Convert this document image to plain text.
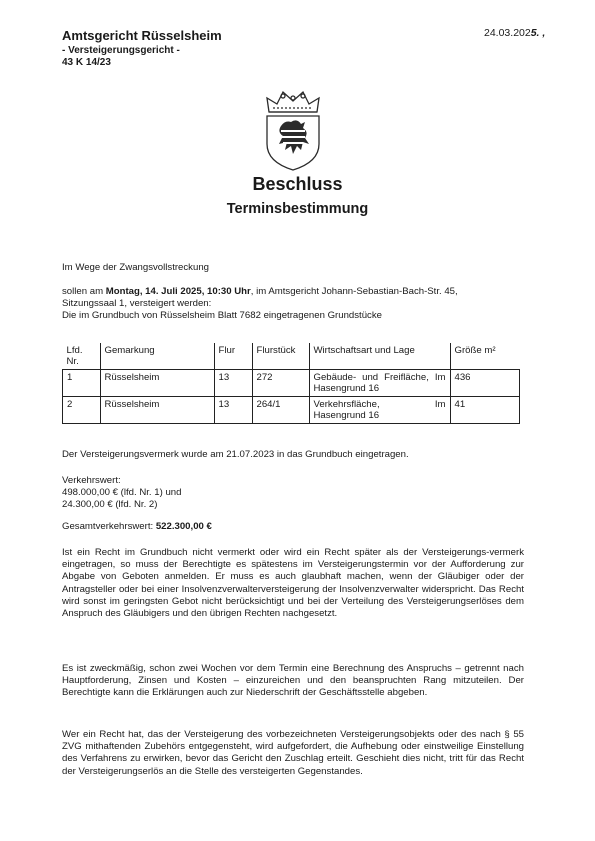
Amtsgericht Rüsselsheim
- Versteigerungsgericht -
43 K 14/23
24.03.2025. ,
Beschluss
Terminsbestimmung
Im Wege der Zwangsvollstreckung
sollen am Montag, 14. Juli 2025, 10:30 Uhr, im Amtsgericht Johann-Sebastian-Bach-Str. 45,
Sitzungssaal 1, versteigert werden:
Die im Grundbuch von Rüsselsheim Blatt 7682 eingetragenen Grundstücke
Lfd. Nr.	Gemarkung	Flur	Flurstück	Wirtschaftsart und Lage	Größe m²
1	Rüsselsheim	13	272	Gebäude- und Freifläche, Im Hasengrund 16	436
2	Rüsselsheim	13	264/1	Verkehrsfläche, Im Hasengrund 16	41
Der Versteigerungsvermerk wurde am 21.07.2023 in das Grundbuch eingetragen.
Verkehrswert:
498.000,00 € (lfd. Nr. 1) und
24.300,00 € (lfd. Nr. 2)
Gesamtverkehrswert: 522.300,00 €
Ist ein Recht im Grundbuch nicht vermerkt oder wird ein Recht später als der Versteigerungs-vermerk eingetragen, so muss der Berechtigte es spätestens im Versteigerungstermin vor der Aufforderung zur Abgabe von Geboten anmelden. Er muss es auch glaubhaft machen, wenn der Gläubiger oder der Antragsteller oder bei einer Insolvenzverwalterversteigerung der Insolvenzverwalter widerspricht. Das Recht wird sonst im geringsten Gebot nicht berücksichtigt und bei der Verteilung des Versteigerungserlöses dem Anspruch des Gläubigers und den übrigen Rechten nachgesetzt.
Es ist zweckmäßig, schon zwei Wochen vor dem Termin eine Berechnung des Anspruchs – getrennt nach Hauptforderung, Zinsen und Kosten – einzureichen und den beanspruchten Rang mitzuteilen. Der Berechtigte kann die Erklärungen auch zur Niederschrift der Geschäftsstelle abgeben.
Wer ein Recht hat, das der Versteigerung des vorbezeichneten Versteigerungsobjekts oder des nach § 55 ZVG mithaftenden Zubehörs entgegensteht, wird aufgefordert, die Aufhebung oder einstweilige Einstellung des Verfahrens zu erwirken, bevor das Gericht den Zuschlag erteilt. Geschieht dies nicht, tritt für das Recht der Versteigerungserlös an die Stelle des versteigerten Gegenstandes.
